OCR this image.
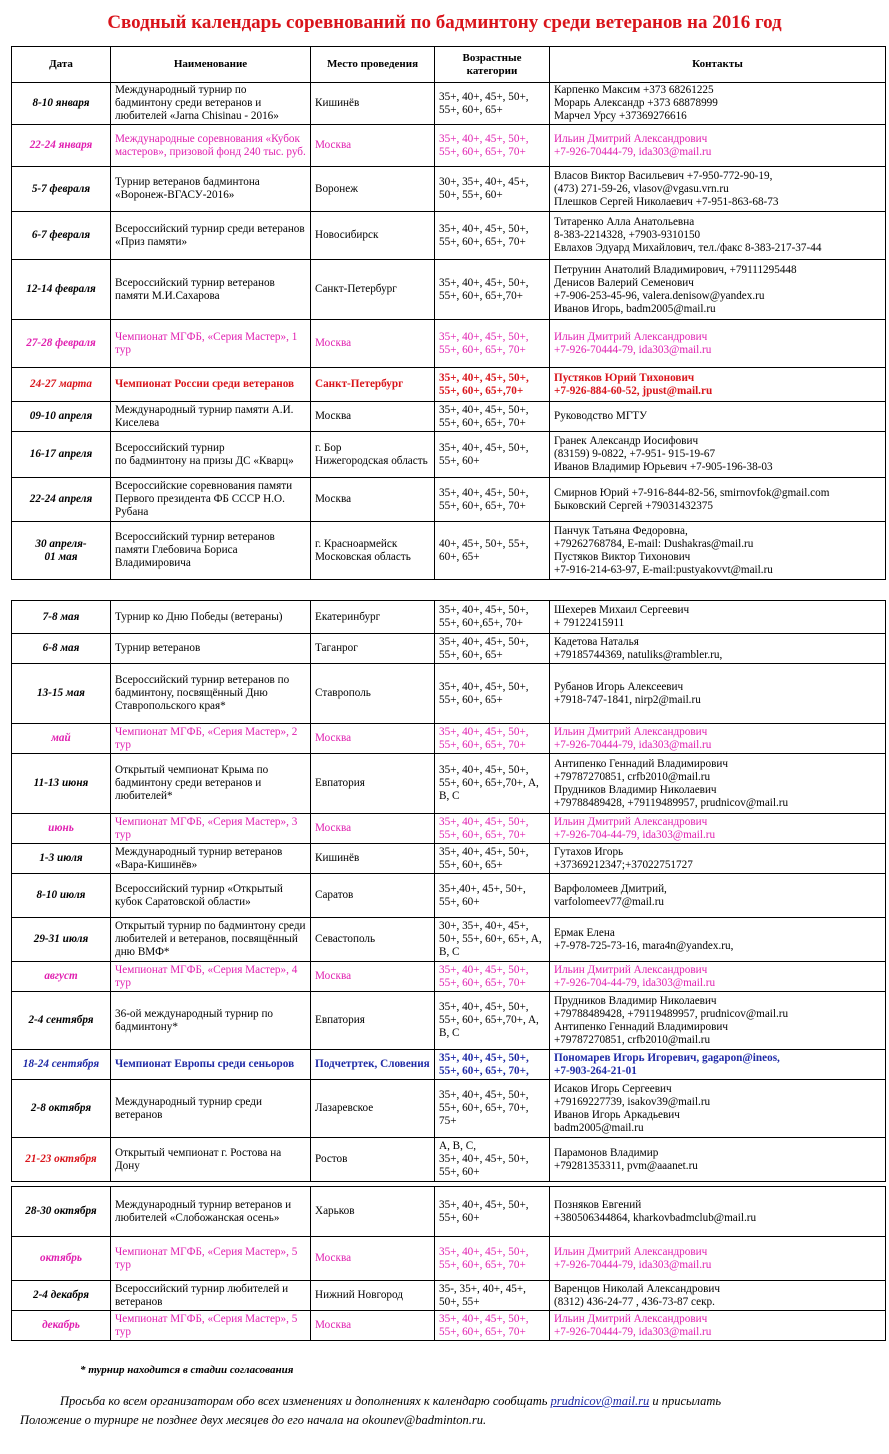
Сводный календарь соревнований по бадминтону среди ветеранов на 2016 год
Дата	Наименование	Место проведения	Возрастные категории	Контакты
8-10 января	Международный турнир по бадминтону среди ветеранов и любителей «Jarna Chisinau - 2016»	Кишинёв	35+, 40+, 45+, 50+, 55+, 60+, 65+	Карпенко Максим +373 68261225
Морарь Александр +373 68878999
Марчел Урсу +37369276616
22-24 января	Международные соревнования «Кубок мастеров», призовой фонд 240 тыс. руб.	Москва	35+, 40+, 45+, 50+, 55+, 60+, 65+, 70+	Ильин Дмитрий Александрович
+7-926-70444-79, ida303@mail.ru
5-7 февраля	Турнир ветеранов бадминтона «Воронеж-ВГАСУ-2016»	Воронеж	30+, 35+, 40+, 45+, 50+, 55+, 60+	Власов Виктор Васильевич +7-950-772-90-19,
(473) 271-59-26, vlasov@vgasu.vrn.ru
Плешков Сергей Николаевич +7-951-863-68-73
6-7 февраля	Всероссийский турнир среди ветеранов «Приз памяти»	Новосибирск	35+, 40+, 45+, 50+, 55+, 60+, 65+, 70+	Титаренко Алла Анатольевна
8-383-2214328, +7903-9310150
Евлахов Эдуард Михайлович, тел./факс 8-383-217-37-44
12-14 февраля	Всероссийский турнир ветеранов памяти М.И.Сахарова	Санкт-Петербург	35+, 40+, 45+, 50+, 55+, 60+, 65+,70+	Петрунин Анатолий Владимирович, +79111295448
Денисов Валерий Семенович
+7-906-253-45-96, valera.denisow@yandex.ru
Иванов Игорь, badm2005@mail.ru
27-28 февраля	Чемпионат МГФБ, «Серия Мастер», 1 тур	Москва	35+, 40+, 45+, 50+, 55+, 60+, 65+, 70+	Ильин Дмитрий Александрович
+7-926-70444-79, ida303@mail.ru
24-27 марта	Чемпионат России среди ветеранов	Санкт-Петербург	35+, 40+, 45+, 50+, 55+, 60+, 65+,70+	Пустяков Юрий Тихонович
+7-926-884-60-52, jpust@mail.ru
09-10 апреля	Международный турнир памяти А.И. Киселева	Москва	35+, 40+, 45+, 50+, 55+, 60+, 65+, 70+	Руководство МГТУ
16-17 апреля	Всероссийский турнир
по бадминтону на призы ДС «Кварц»	г. Бор
Нижегородская область	35+, 40+, 45+, 50+, 55+, 60+	Гранек Александр Иосифович
(83159) 9-0822, +7-951- 915-19-67
Иванов Владимир Юрьевич +7-905-196-38-03
22-24 апреля	Всероссийские соревнования памяти Первого президента ФБ СССР Н.О. Рубана	Москва	35+, 40+, 45+, 50+, 55+, 60+, 65+, 70+	Смирнов Юрий +7-916-844-82-56, smirnovfok@gmail.com
Быковский Сергей +79031432375
30 апреля-
01 мая	Всероссийский турнир ветеранов памяти Глебовича Бориса Владимировича	г. Красноармейск Московская область	40+, 45+, 50+, 55+, 60+, 65+	Панчук Татьяна Федоровна,
+79262768784, E-mail: Dushakras@mail.ru
Пустяков Виктор Тихонович
+7-916-214-63-97, E-mail:pustyakovvt@mail.ru
7-8 мая	Турнир ко Дню Победы (ветераны)	Екатеринбург	35+, 40+, 45+, 50+, 55+, 60+,65+, 70+	Шехерев Михаил Сергеевич
+ 79122415911
6-8 мая	Турнир ветеранов	Таганрог	35+, 40+, 45+, 50+, 55+, 60+, 65+	Кадетова Наталья
+79185744369, natuliks@rambler.ru,
13-15 мая	Всероссийский турнир ветеранов по бадминтону, посвящённый Дню Ставропольского края*	Ставрополь	35+, 40+, 45+, 50+, 55+, 60+, 65+	Рубанов Игорь Алексеевич
+7918-747-1841, nirp2@mail.ru
май	Чемпионат МГФБ, «Серия Мастер», 2 тур	Москва	35+, 40+, 45+, 50+, 55+, 60+, 65+, 70+	Ильин Дмитрий Александрович
+7-926-70444-79, ida303@mail.ru
11-13 июня	Открытый чемпионат Крыма по бадминтону среди ветеранов и любителей*	Евпатория	35+, 40+, 45+, 50+, 55+, 60+, 65+,70+, A, B, C	Антипенко Геннадий Владимирович
+79787270851, crfb2010@mail.ru
Прудников Владимир Николаевич
+79788489428, +79119489957, prudnicov@mail.ru
июнь	Чемпионат МГФБ, «Серия Мастер», 3 тур	Москва	35+, 40+, 45+, 50+, 55+, 60+, 65+, 70+	Ильин Дмитрий Александрович
+7-926-704-44-79, ida303@mail.ru
1-3 июля	Международный турнир ветеранов «Вара-Кишинёв»	Кишинёв	35+, 40+, 45+, 50+, 55+, 60+, 65+	Гутахов Игорь
+37369212347;+37022751727
8-10 июля	Всероссийский турнир «Открытый кубок Саратовской области»	Саратов	35+,40+, 45+, 50+, 55+, 60+	Варфоломеев Дмитрий,
varfolomeev77@mail.ru
29-31 июля	Открытый турнир по бадминтону среди любителей и ветеранов, посвящённый дню ВМФ*	Севастополь	30+, 35+, 40+, 45+, 50+, 55+, 60+, 65+, A, B, C	Ермак Елена
+7-978-725-73-16, mara4n@yandex.ru,
август	Чемпионат МГФБ, «Серия Мастер», 4 тур	Москва	35+, 40+, 45+, 50+, 55+, 60+, 65+, 70+	Ильин Дмитрий Александрович
+7-926-704-44-79, ida303@mail.ru
2-4 сентября	36-ой международный турнир по бадминтону*	Евпатория	35+, 40+, 45+, 50+, 55+, 60+, 65+,70+, A, B, C	Прудников Владимир Николаевич
+79788489428, +79119489957, prudnicov@mail.ru
Антипенко Геннадий Владимирович
+79787270851, crfb2010@mail.ru
18-24 сентября	Чемпионат Европы среди сеньоров	Подчетртек, Словения	35+, 40+, 45+, 50+, 55+, 60+, 65+, 70+,	Пономарев Игорь Игоревич, gagapon@ineos,
+7-903-264-21-01
2-8 октября	Международный турнир среди ветеранов	Лазаревское	35+, 40+, 45+, 50+, 55+, 60+, 65+, 70+, 75+	Исаков Игорь Сергеевич
+79169227739, isakov39@mail.ru
Иванов Игорь Аркадьевич
badm2005@mail.ru
21-23 октября	Открытый чемпионат г. Ростова на Дону	Ростов	A, B, C,
35+, 40+, 45+, 50+, 55+, 60+	Парамонов Владимир
+79281353311, pvm@aaanet.ru
28-30 октября	Международный турнир ветеранов и любителей «Слобожанская осень»	Харьков	35+, 40+, 45+, 50+, 55+, 60+	Позняков Евгений
+380506344864, kharkovbadmclub@mail.ru
октябрь	Чемпионат МГФБ, «Серия Мастер», 5 тур	Москва	35+, 40+, 45+, 50+, 55+, 60+, 65+, 70+	Ильин Дмитрий Александрович
+7-926-70444-79, ida303@mail.ru
2-4 декабря	Всероссийский турнир любителей и ветеранов	Нижний Новгород	35-, 35+, 40+, 45+, 50+, 55+	Варенцов Николай Александрович
(8312) 436-24-77 , 436-73-87 секр.
декабрь	Чемпионат МГФБ, «Серия Мастер», 5 тур	Москва	35+, 40+, 45+, 50+, 55+, 60+, 65+, 70+	Ильин Дмитрий Александрович
+7-926-70444-79, ida303@mail.ru
* турнир находится в стадии согласования
Просьба ко всем организаторам обо всех изменениях и дополнениях к календарю сообщать prudnicov@mail.ru и присылать
Положение о турнире не позднее двух месяцев до его начала на okounev@badminton.ru.
